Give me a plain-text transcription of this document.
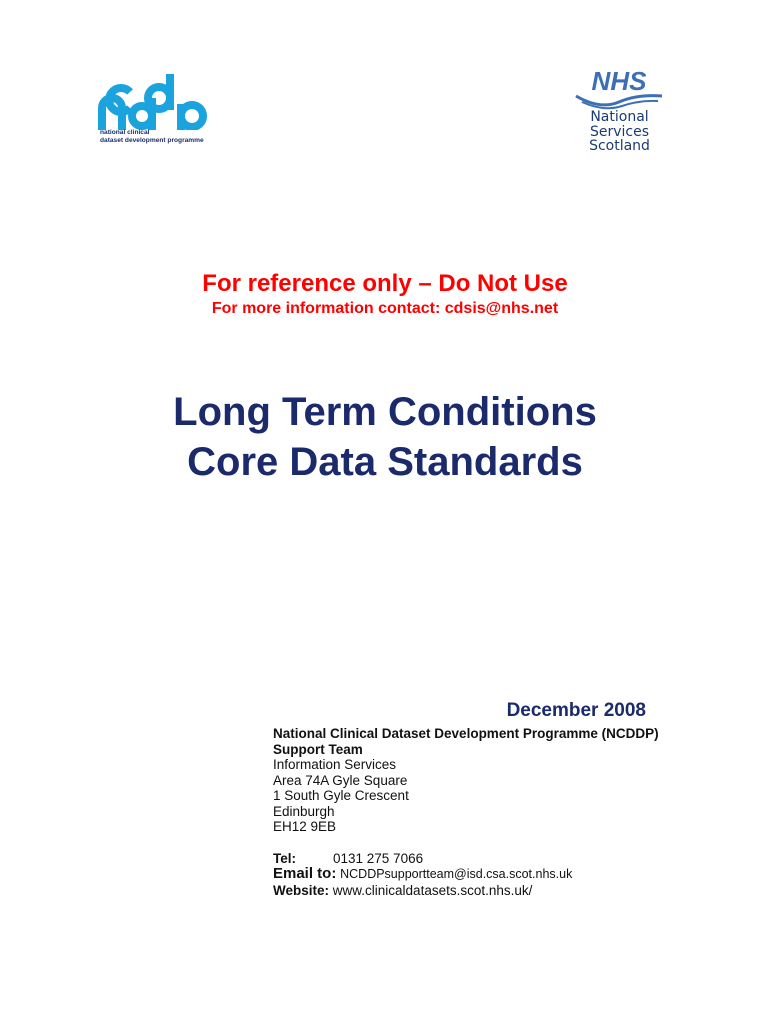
national clinical
dataset development programme
NHS
National
Services
Scotland
For reference only – Do Not Use
For more information contact: cdsis@nhs.net
Long Term Conditions
Core Data Standards
December 2008
National Clinical Dataset Development Programme (NCDDP)
Support Team
Information Services
Area 74A Gyle Square
1 South Gyle Crescent
Edinburgh
EH12 9EB
Tel:	0131 275 7066
Email to: NCDDPsupportteam@isd.csa.scot.nhs.uk
Website: www.clinicaldatasets.scot.nhs.uk/
